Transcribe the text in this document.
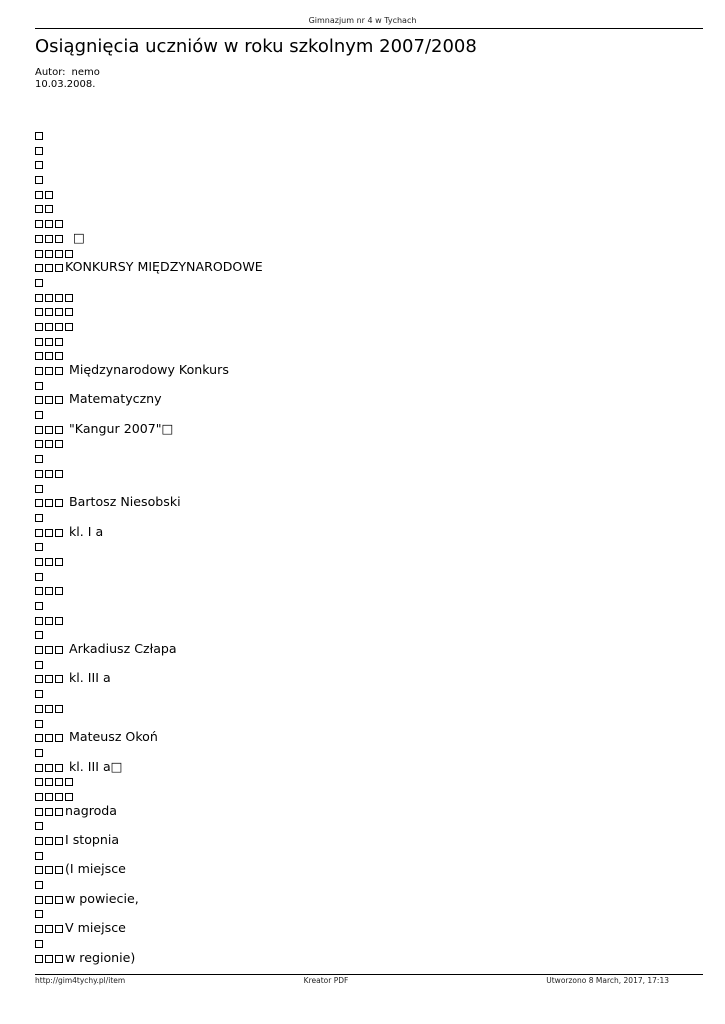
Gimnazjum nr 4 w Tychach
Osiągnięcia uczniów w roku szkolnym 2007/2008
Autor: nemo
10.03.2008.
□
KONKURSY MIĘDZYNARODOWE
Międzynarodowy Konkurs
Matematyczny
"Kangur 2007"□
Bartosz Niesobski
kl. I a
Arkadiusz Człapa
kl. III a
Mateusz Okoń
kl. III a□
nagroda
I stopnia
(I miejsce
w powiecie,
V miejsce
w regionie)
http://gim4tychy.pl/item	Kreator PDF	Utworzono 8 March, 2017, 17:13
